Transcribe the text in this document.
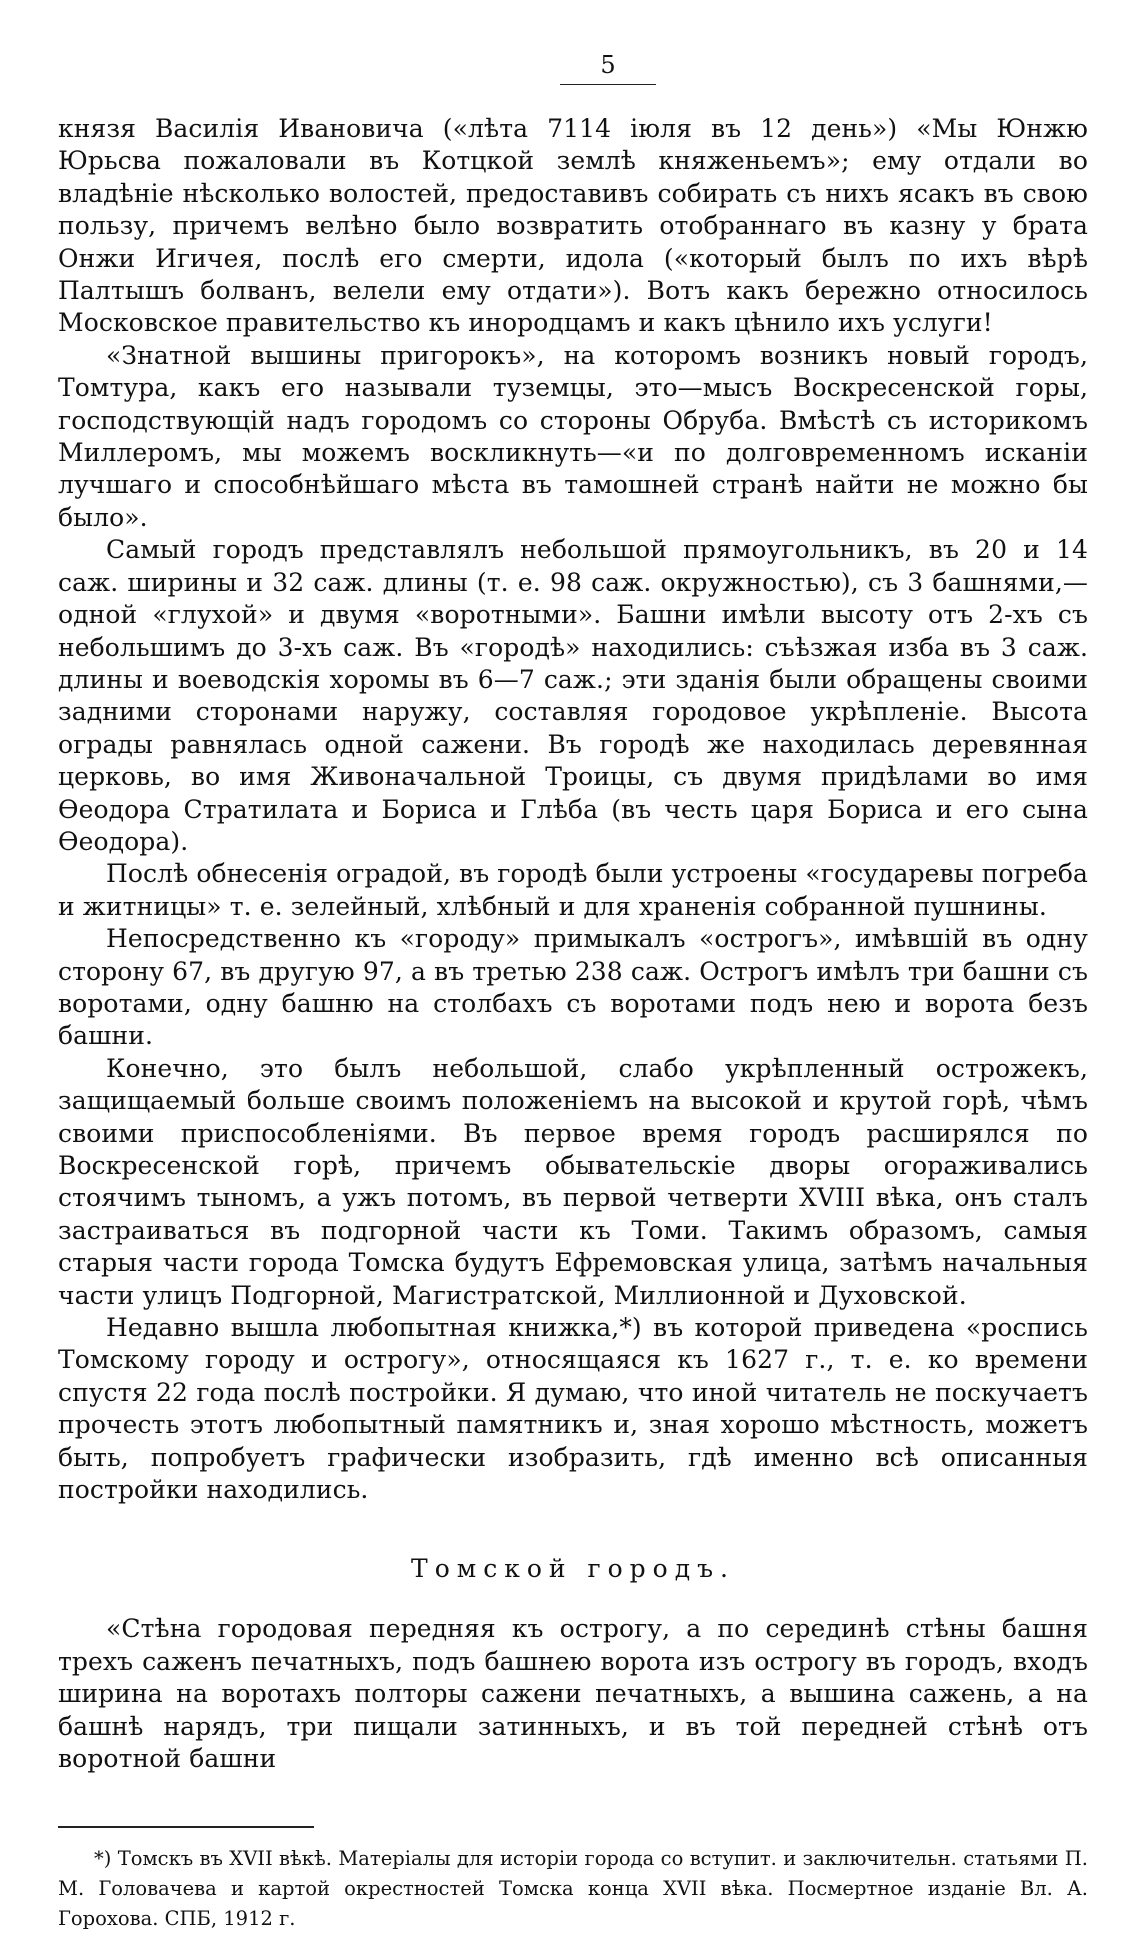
5

князя Василія Ивановича («лѣта 7114 іюля въ 12 день») «Мы Юнжю Юрьсва пожаловали въ Котцкой землѣ княженьемъ»; ему отдали во владѣніе нѣсколько волостей, предоставивъ собирать съ нихъ ясакъ въ свою пользу, причемъ велѣно было возвратить отобраннаго въ казну у брата Онжи Игичея, послѣ его смерти, идола («который былъ по ихъ вѣрѣ Палтышъ болванъ, велели ему отдати»). Вотъ какъ бережно относилось Московское правительство къ инородцамъ и какъ цѣнило ихъ услуги!

«Знатной вышины пригорокъ», на которомъ возникъ новый городъ, Томтура, какъ его называли туземцы, это—мысъ Воскресенской горы, господствующій надъ городомъ со стороны Обруба. Вмѣстѣ съ историкомъ Миллеромъ, мы можемъ воскликнуть—«и по долговременномъ исканіи лучшаго и способнѣйшаго мѣста въ тамошней странѣ найти не можно бы было».

Самый городъ представлялъ небольшой прямоугольникъ, въ 20 и 14 саж. ширины и 32 саж. длины (т. е. 98 саж. окружностью), съ 3 башнями,—одной «глухой» и двумя «воротными». Башни имѣли высоту отъ 2-хъ съ небольшимъ до 3-хъ саж. Въ «городѣ» находились: съѣзжая изба въ 3 саж. длины и воеводскія хоромы въ 6—7 саж.; эти зданія были обращены своими задними сторонами наружу, составляя городовое укрѣпленіе. Высота ограды равнялась одной сажени. Въ городѣ же находилась деревянная церковь, во имя Живоначальной Троицы, съ двумя придѣлами во имя Ѳеодора Стратилата и Бориса и Глѣба (въ честь царя Бориса и его сына Ѳеодора).

Послѣ обнесенія оградой, въ городѣ были устроены «государевы погреба и житницы» т. е. зелейный, хлѣбный и для храненія собранной пушнины.

Непосредственно къ «городу» примыкалъ «острогъ», имѣвшій въ одну сторону 67, въ другую 97, а въ третью 238 саж. Острогъ имѣлъ три башни съ воротами, одну башню на столбахъ съ воротами подъ нею и ворота безъ башни.

Конечно, это былъ небольшой, слабо укрѣпленный острожекъ, защищаемый больше своимъ положеніемъ на высокой и крутой горѣ, чѣмъ своими приспособленіями. Въ первое время городъ расширялся по Воскресенской горѣ, причемъ обывательскіе дворы огораживались стоячимъ тыномъ, а ужъ потомъ, въ первой четверти XVIII вѣка, онъ сталъ застраиваться въ подгорной части къ Томи. Такимъ образомъ, самыя старыя части города Томска будутъ Ефремовская улица, затѣмъ начальныя части улицъ Подгорной, Магистратской, Миллионной и Духовской.

Недавно вышла любопытная книжка,*) въ которой приведена «роспись Томскому городу и острогу», относящаяся къ 1627 г., т. е. ко времени спустя 22 года послѣ постройки. Я думаю, что иной читатель не поскучаетъ прочесть этотъ любопытный памятникъ и, зная хорошо мѣстность, можетъ быть, попробуетъ графически изобразить, гдѣ именно всѣ описанныя постройки находились.

Томской городъ.

«Стѣна городовая передняя къ острогу, а по серединѣ стѣны башня трехъ саженъ печатныхъ, подъ башнею ворота изъ острогу въ городъ, входъ ширина на воротахъ полторы сажени печатныхъ, а вышина сажень, а на башнѣ нарядъ, три пищали затинныхъ, и въ той передней стѣнѣ отъ воротной башни

*) Томскъ въ XVII вѣкѣ. Матеріалы для исторіи города со вступит. и заключительн. статьями П. М. Головачева и картой окрестностей Томска конца XVII вѣка. Посмертное изданіе Вл. А. Горохова. СПБ, 1912 г.
